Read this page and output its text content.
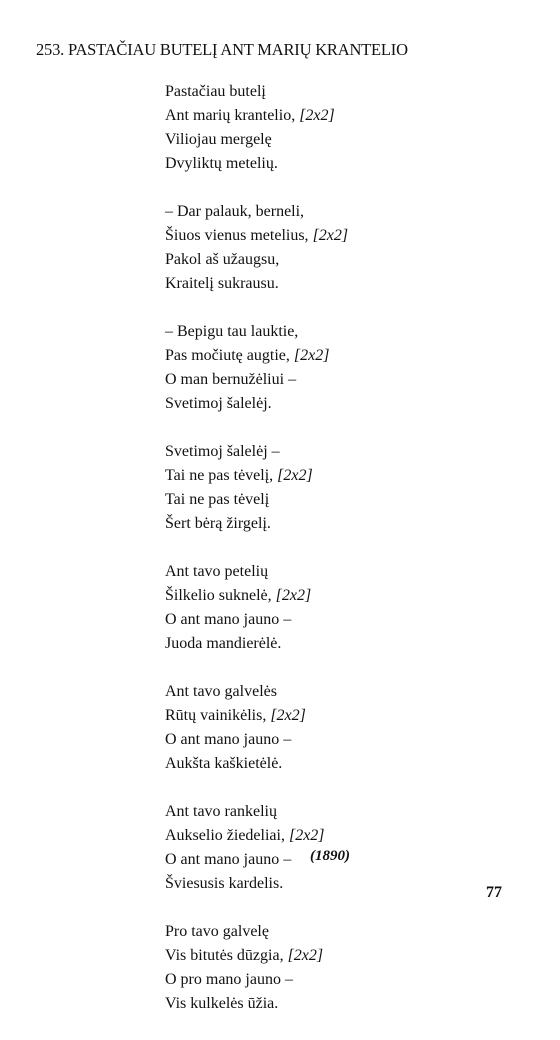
253. PASTAČIAU BUTELĮ ANT MARIŲ KRANTELIO
Pastačiau butelį
Ant marių krantelio, [2x2]
Viliojau mergelę
Dvyliktų metelių.
– Dar palauk, berneli,
Šiuos vienus metelius, [2x2]
Pakol aš užaugsu,
Kraitelį sukrausu.
– Bepigu tau lauktie,
Pas močiutę augtie, [2x2]
O man bernužėliui –
Svetimoj šalelėj.
Svetimoj šalelėj –
Tai ne pas tėvelį, [2x2]
Tai ne pas tėvelį
Šert bėrą žirgelį.
Ant tavo petelių
Šilkelio suknelė, [2x2]
O ant mano jauno –
Juoda mandierėlė.
Ant tavo galvelės
Rūtų vainikėlis, [2x2]
O ant mano jauno –
Aukšta kaškietėlė.
Ant tavo rankelių
Aukselio žiedeliai, [2x2]
O ant mano jauno –
Šviesusis kardelis.
Pro tavo galvelę
Vis bitutės dūzgia, [2x2]
O pro mano jauno –
Vis kulkelės ūžia.
(1890)
77
